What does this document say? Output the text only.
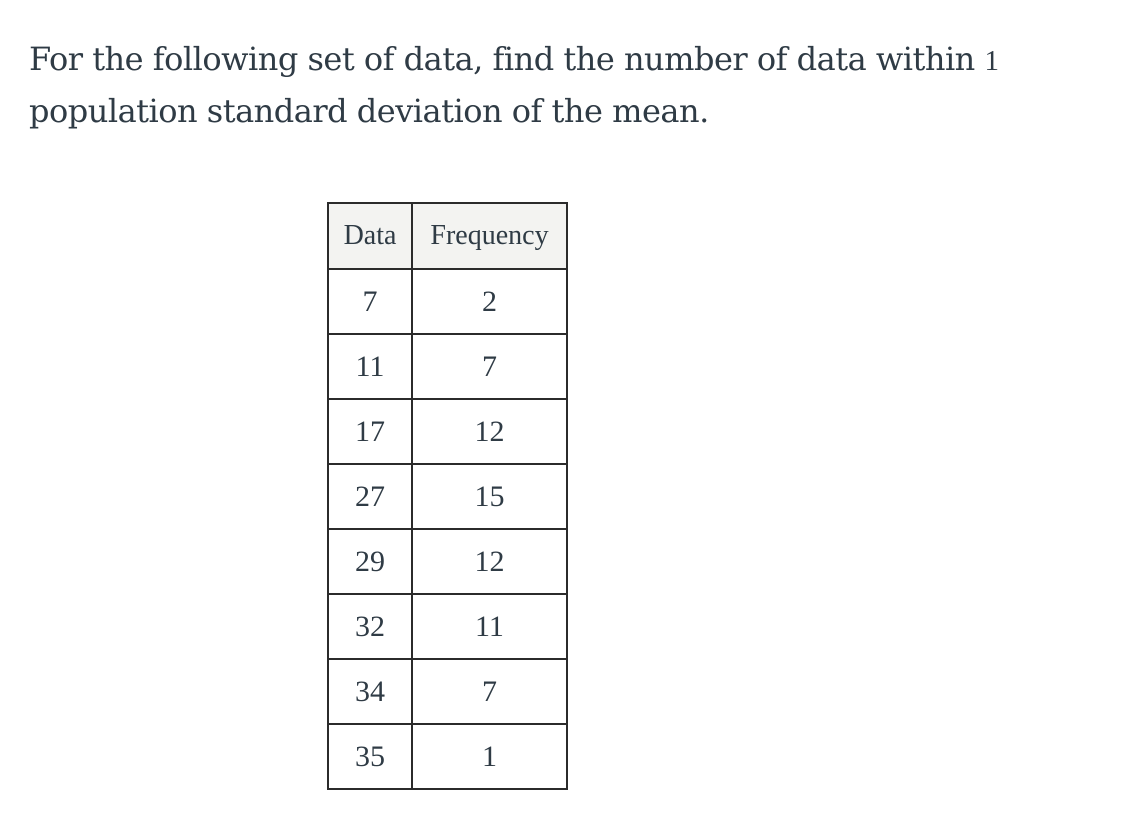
For the following set of data, find the number of data within 1
population standard deviation of the mean.

Data	Frequency
7	2
11	7
17	12
27	15
29	12
32	11
34	7
35	1
